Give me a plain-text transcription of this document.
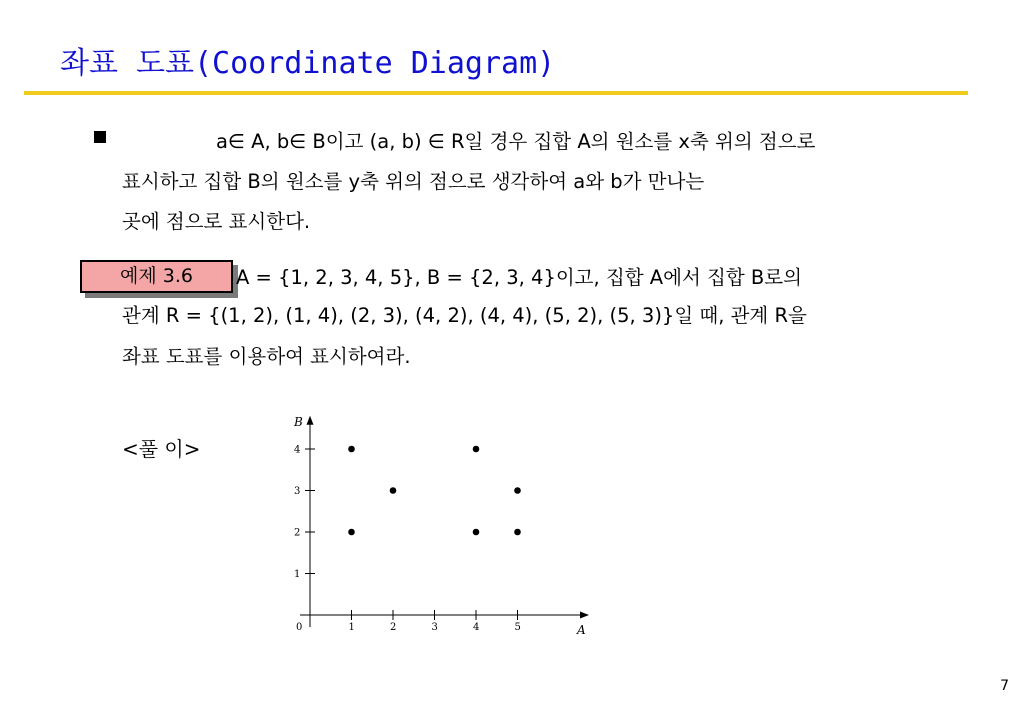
좌표 도표(Coordinate Diagram)
a∈ A, b∈ B이고 (a, b) ∈ R일 경우 집합 A의 원소를 x축 위의 점으로
표시하고 집합 B의 원소를 y축 위의 점으로 생각하여 a와 b가 만나는
곳에 점으로 표시한다.
예제 3.6	A = {1, 2, 3, 4, 5}, B = {2, 3, 4}이고, 집합 A에서 집합 B로의
관계 R = {(1, 2), (1, 4), (2, 3), (4, 2), (4, 4), (5, 2), (5, 3)}일 때, 관계 R을
좌표 도표를 이용하여 표시하여라.
<풀 이>
A
B
0	1	2	3	4	5
1
2
3
4
7
